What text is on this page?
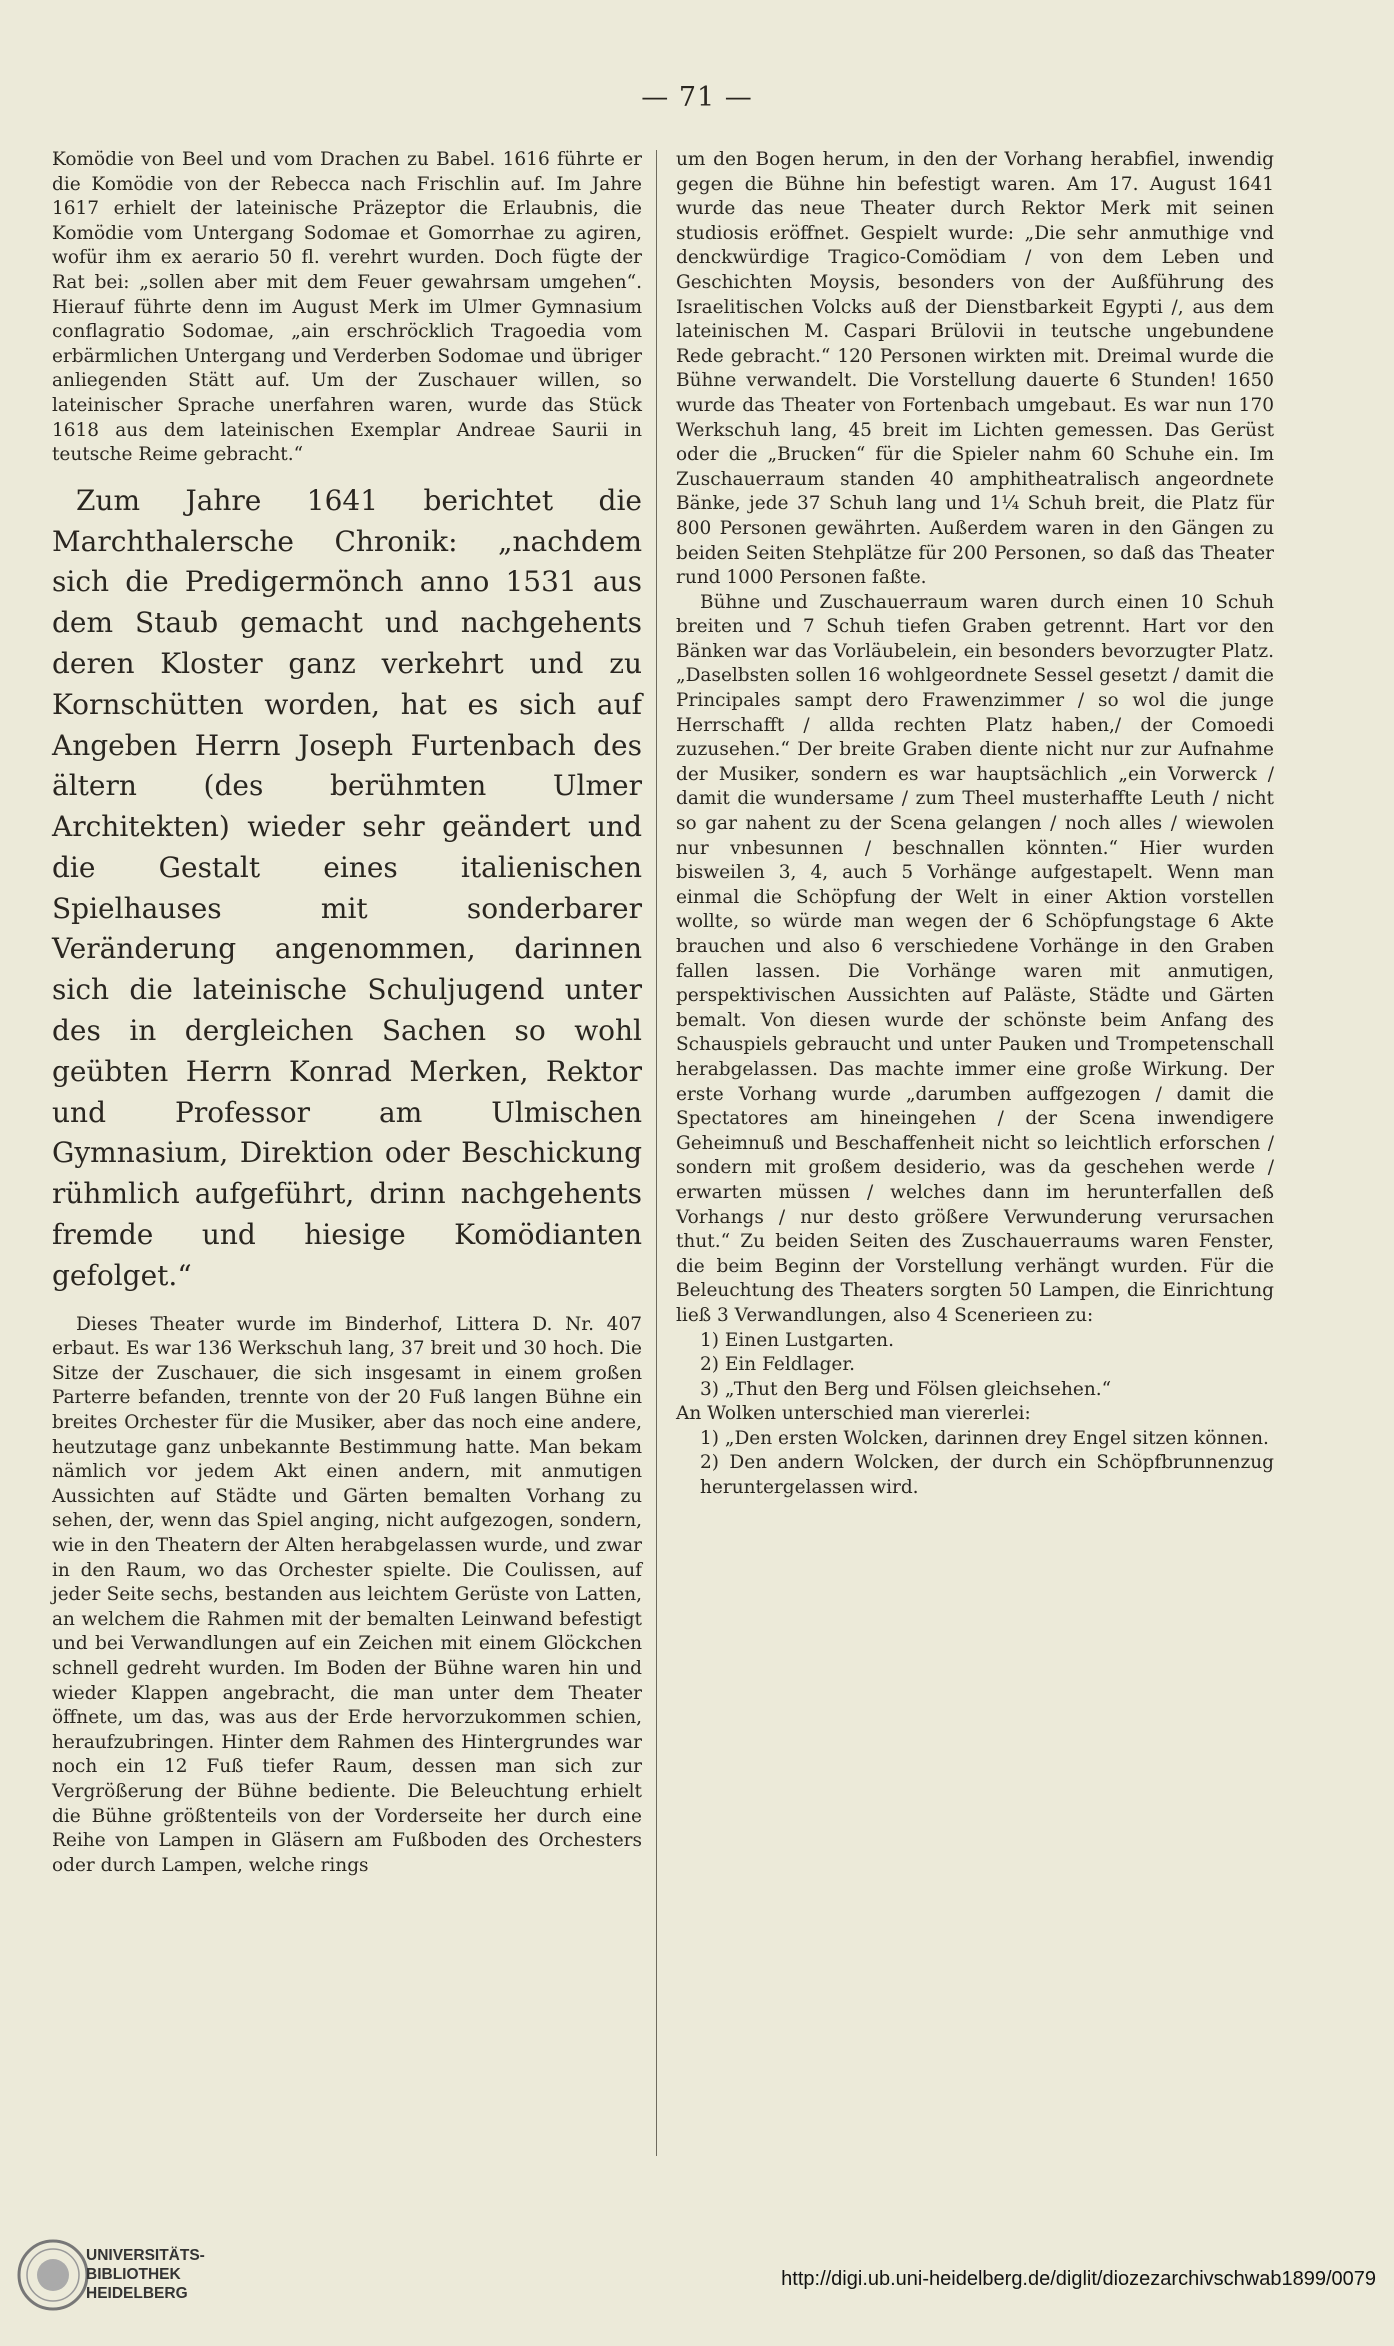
— 71 —

Komödie von Beel und vom Drachen zu Babel. 1616 führte er die Komödie von der Rebecca nach Frischlin auf. Im Jahre 1617 erhielt der lateinische Präzeptor die Erlaubnis, die Komödie vom Untergang Sodomae et Gomorrhae zu agiren, wofür ihm ex aerario 50 fl. verehrt wurden. Doch fügte der Rat bei: „sollen aber mit dem Feuer gewahrsam umgehen“. Hierauf führte denn im August Merk im Ulmer Gymnasium conflagratio Sodomae, „ain erschröcklich Tragoedia vom erbärmlichen Untergang und Verderben Sodomae und übriger anliegenden Stätt auf. Um der Zuschauer willen, so lateinischer Sprache unerfahren waren, wurde das Stück 1618 aus dem lateinischen Exemplar Andreae Saurii in teutsche Reime gebracht.“

Zum Jahre 1641 berichtet die Marchthalersche Chronik: „nachdem sich die Predigermönch anno 1531 aus dem Staub gemacht und nachgehents deren Kloster ganz verkehrt und zu Kornschütten worden, hat es sich auf Angeben Herrn Joseph Furtenbach des ältern (des berühmten Ulmer Architekten) wieder sehr geändert und die Gestalt eines italienischen Spielhauses mit sonderbarer Veränderung angenommen, darinnen sich die lateinische Schuljugend unter des in dergleichen Sachen so wohl geübten Herrn Konrad Merken, Rektor und Professor am Ulmischen Gymnasium, Direktion oder Beschickung rühmlich aufgeführt, drinn nachgehents fremde und hiesige Komödianten gefolget.“

Dieses Theater wurde im Binderhof, Littera D. Nr. 407 erbaut. Es war 136 Werkschuh lang, 37 breit und 30 hoch. Die Sitze der Zuschauer, die sich insgesamt in einem großen Parterre befanden, trennte von der 20 Fuß langen Bühne ein breites Orchester für die Musiker, aber das noch eine andere, heutzutage ganz unbekannte Bestimmung hatte. Man bekam nämlich vor jedem Akt einen andern, mit anmutigen Aussichten auf Städte und Gärten bemalten Vorhang zu sehen, der, wenn das Spiel anging, nicht aufgezogen, sondern, wie in den Theatern der Alten herabgelassen wurde, und zwar in den Raum, wo das Orchester spielte. Die Coulissen, auf jeder Seite sechs, bestanden aus leichtem Gerüste von Latten, an welchem die Rahmen mit der bemalten Leinwand befestigt und bei Verwandlungen auf ein Zeichen mit einem Glöckchen schnell gedreht wurden. Im Boden der Bühne waren hin und wieder Klappen angebracht, die man unter dem Theater öffnete, um das, was aus der Erde hervorzukommen schien, heraufzubringen. Hinter dem Rahmen des Hintergrundes war noch ein 12 Fuß tiefer Raum, dessen man sich zur Vergrößerung der Bühne bediente. Die Beleuchtung erhielt die Bühne größtenteils von der Vorderseite her durch eine Reihe von Lampen in Gläsern am Fußboden des Orchesters oder durch Lampen, welche rings

um den Bogen herum, in den der Vorhang herabfiel, inwendig gegen die Bühne hin befestigt waren. Am 17. August 1641 wurde das neue Theater durch Rektor Merk mit seinen studiosis eröffnet. Gespielt wurde: „Die sehr anmuthige vnd denckwürdige Tragico-Comödiam / von dem Leben und Geschichten Moysis, besonders von der Außführung des Israelitischen Volcks auß der Dienstbarkeit Egypti /, aus dem lateinischen M. Caspari Brülovii in teutsche ungebundene Rede gebracht.“ 120 Personen wirkten mit. Dreimal wurde die Bühne verwandelt. Die Vorstellung dauerte 6 Stunden! 1650 wurde das Theater von Fortenbach umgebaut. Es war nun 170 Werkschuh lang, 45 breit im Lichten gemessen. Das Gerüst oder die „Brucken“ für die Spieler nahm 60 Schuhe ein. Im Zuschauerraum standen 40 amphitheatralisch angeordnete Bänke, jede 37 Schuh lang und 1¼ Schuh breit, die Platz für 800 Personen gewährten. Außerdem waren in den Gängen zu beiden Seiten Stehplätze für 200 Personen, so daß das Theater rund 1000 Personen faßte.

Bühne und Zuschauerraum waren durch einen 10 Schuh breiten und 7 Schuh tiefen Graben getrennt. Hart vor den Bänken war das Vorläubelein, ein besonders bevorzugter Platz. „Daselbsten sollen 16 wohlgeordnete Sessel gesetzt / damit die Principales sampt dero Frawenzimmer / so wol die junge Herrschafft / allda rechten Platz haben,/ der Comoedi zuzusehen.“ Der breite Graben diente nicht nur zur Aufnahme der Musiker, sondern es war hauptsächlich „ein Vorwerck / damit die wundersame / zum Theel musterhaffte Leuth / nicht so gar nahent zu der Scena gelangen / noch alles / wiewolen nur vnbesunnen / beschnallen könnten.“ Hier wurden bisweilen 3, 4, auch 5 Vorhänge aufgestapelt. Wenn man einmal die Schöpfung der Welt in einer Aktion vorstellen wollte, so würde man wegen der 6 Schöpfungstage 6 Akte brauchen und also 6 verschiedene Vorhänge in den Graben fallen lassen. Die Vorhänge waren mit anmutigen, perspektivischen Aussichten auf Paläste, Städte und Gärten bemalt. Von diesen wurde der schönste beim Anfang des Schauspiels gebraucht und unter Pauken und Trompetenschall herabgelassen. Das machte immer eine große Wirkung. Der erste Vorhang wurde „darumben auffgezogen / damit die Spectatores am hineingehen / der Scena inwendigere Geheimnuß und Beschaffenheit nicht so leichtlich erforschen / sondern mit großem desiderio, was da geschehen werde / erwarten müssen / welches dann im herunterfallen deß Vorhangs / nur desto größere Verwunderung verursachen thut.“ Zu beiden Seiten des Zuschauerraums waren Fenster, die beim Beginn der Vorstellung verhängt wurden. Für die Beleuchtung des Theaters sorgten 50 Lampen, die Einrichtung ließ 3 Verwandlungen, also 4 Scenerieen zu:

1) Einen Lustgarten.

2) Ein Feldlager.

3) „Thut den Berg und Fölsen gleichsehen.“

An Wolken unterschied man viererlei:

1) „Den ersten Wolcken, darinnen drey Engel sitzen können.

2) Den andern Wolcken, der durch ein Schöpfbrunnenzug heruntergelassen wird.

UNIVERSITÄTS-
BIBLIOTHEK
HEIDELBERG
http://digi.ub.uni-heidelberg.de/diglit/diozezarchivschwab1899/0079
